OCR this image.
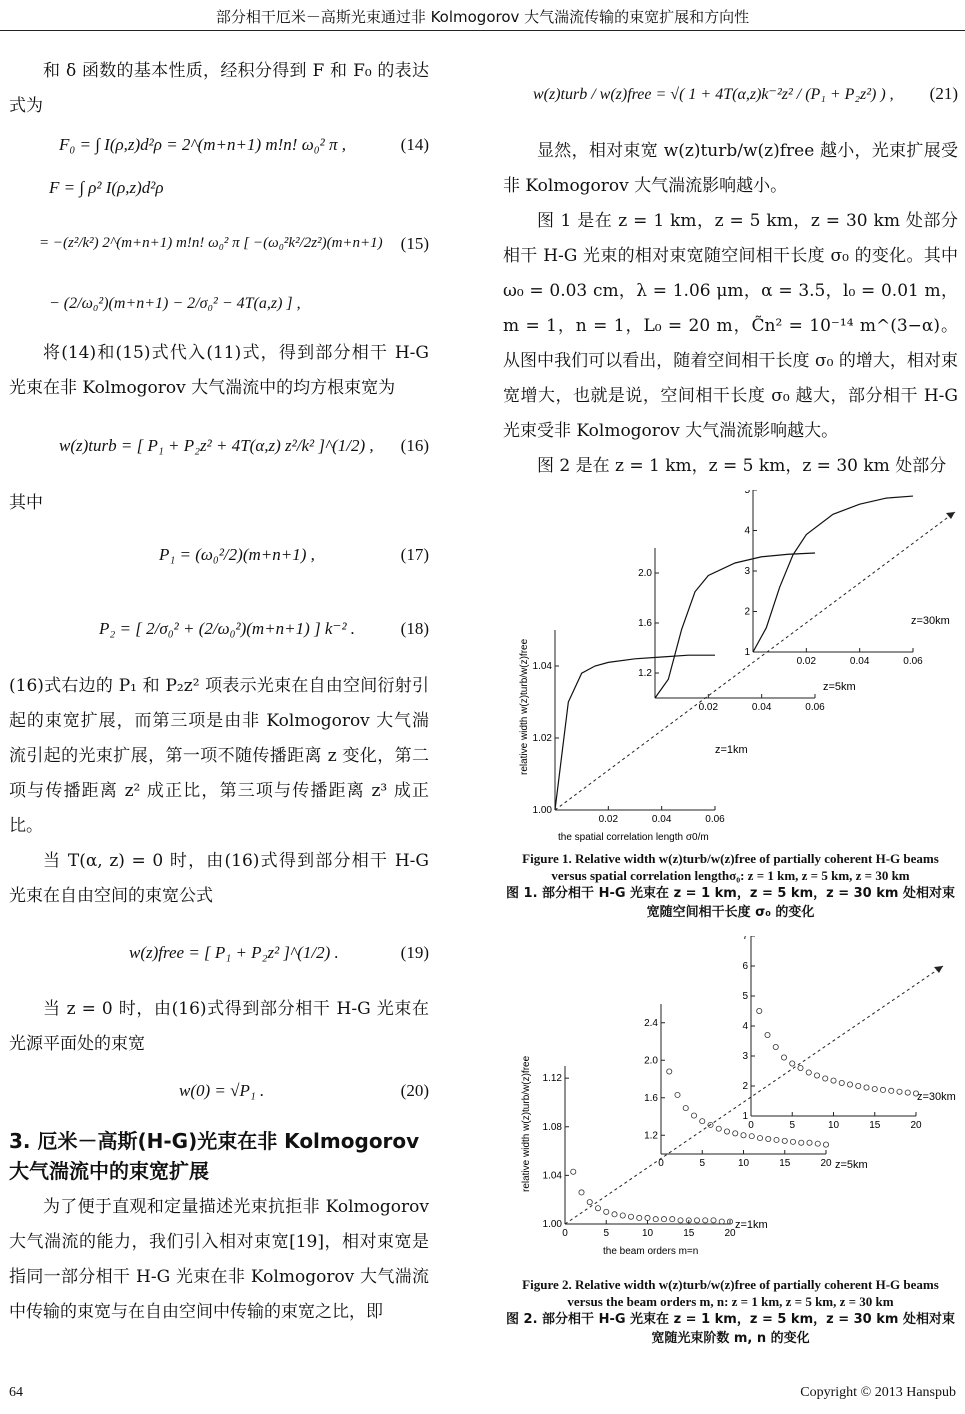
部分相干厄米－高斯光束通过非 Kolmogorov 大气湍流传输的束宽扩展和方向性

和 δ 函数的基本性质，经积分得到 F 和 F₀ 的表达式为

F₀ = ∫ I(ρ,z)d²ρ = 2^(m+n+1) m!n! ω₀² π ,	(14)
F = ∫ ρ² I(ρ,z)d²ρ
= −(z²/k²) 2^(m+n+1) m!n! ω₀² π [ −(ω₀²k²/2z²)(m+n+1)
− (2/ω₀²)(m+n+1) − 2/σ₀² − 4T(a,z) ] ,
(15)

将(14)和(15)式代入(11)式，得到部分相干 H-G 光束在非 Kolmogorov 大气湍流中的均方根束宽为

w(z)turb = [ P₁ + P₂z² + 4T(α,z) z²/k² ]^(1/2) , (16)

其中

P₁ = (ω₀²/2)(m+n+1) ,	(17)
P₂ = [ 2/σ₀² + (2/ω₀²)(m+n+1) ] k⁻² .	(18)

(16)式右边的 P₁ 和 P₂z² 项表示光束在自由空间衍射引起的束宽扩展，而第三项是由非 Kolmogorov 大气湍流引起的光束扩展，第一项不随传播距离 z 变化，第二项与传播距离 z² 成正比，第三项与传播距离 z³ 成正比。

当 T(α, z) = 0 时，由(16)式得到部分相干 H-G 光束在自由空间的束宽公式

w(z)free = [ P₁ + P₂z² ]^(1/2) .	(19)

当 z = 0 时，由(16)式得到部分相干 H-G 光束在光源平面处的束宽

w(0) = √P₁ .	(20)
3. 厄米－高斯(H-G)光束在非 Kolmogorov 大气湍流中的束宽扩展

为了便于直观和定量描述光束抗拒非 Kolmogorov 大气湍流的能力，我们引入相对束宽[19]，相对束宽是指同一部分相干 H-G 光束在非 Kolmogorov 大气湍流中传输的束宽与在自由空间中传输的束宽之比，即

w(z)turb / w(z)free = √( 1 + 4T(α,z)k⁻²z² / (P₁ + P₂z²) ) , (21)

显然，相对束宽 w(z)turb/w(z)free 越小，光束扩展受非 Kolmogorov 大气湍流影响越小。

图 1 是在 z = 1 km，z = 5 km，z = 30 km 处部分相干 H-G 光束的相对束宽随空间相干长度 σ₀ 的变化。其中 ω₀ = 0.03 cm，λ = 1.06 μm，α = 3.5，l₀ = 0.01 m，m = 1，n = 1，L₀ = 20 m，C̃n² = 10⁻¹⁴ m^(3−α)。从图中我们可以看出，随着空间相干长度 σ₀ 的增大，相对束宽增大，也就是说，空间相干长度 σ₀ 越大，部分相干 H-G 光束受非 Kolmogorov 大气湍流影响越大。

图 2 是在 z = 1 km，z = 5 km，z = 30 km 处部分

0.02	0.04	0.06
1.00
1.02
1.04
z=1km
0.02	0.04	0.06
1.2
1.6
2.0
z=5km
0.02	0.04	0.06
1
2
3
4
5
z=30km
relative width w(z)turb/w(z)free
the spatial correlation length σ0/m
Figure 1. Relative width w(z)turb/w(z)free of partially coherent H-G beams versus spatial correlation lengthσ₀: z = 1 km, z = 5 km, z = 30 km
图 1. 部分相干 H-G 光束在 z = 1 km，z = 5 km，z = 30 km 处相对束宽随空间相干长度 σ₀ 的变化
0	5	10	15	20
1.00
1.04
1.08
1.12
z=1km
0	5	10	15	20
1.2
1.6
2.0
2.4
z=5km
0	5	10	15	20
1
2
3
4
5
6
7
z=30km
relative width w(z)turb/w(z)free
the beam orders m=n
Figure 2. Relative width w(z)turb/w(z)free of partially coherent H-G beams versus the beam orders m, n: z = 1 km, z = 5 km, z = 30 km
图 2. 部分相干 H-G 光束在 z = 1 km，z = 5 km，z = 30 km 处相对束宽随光束阶数 m, n 的变化
64	Copyright © 2013 Hanspub
